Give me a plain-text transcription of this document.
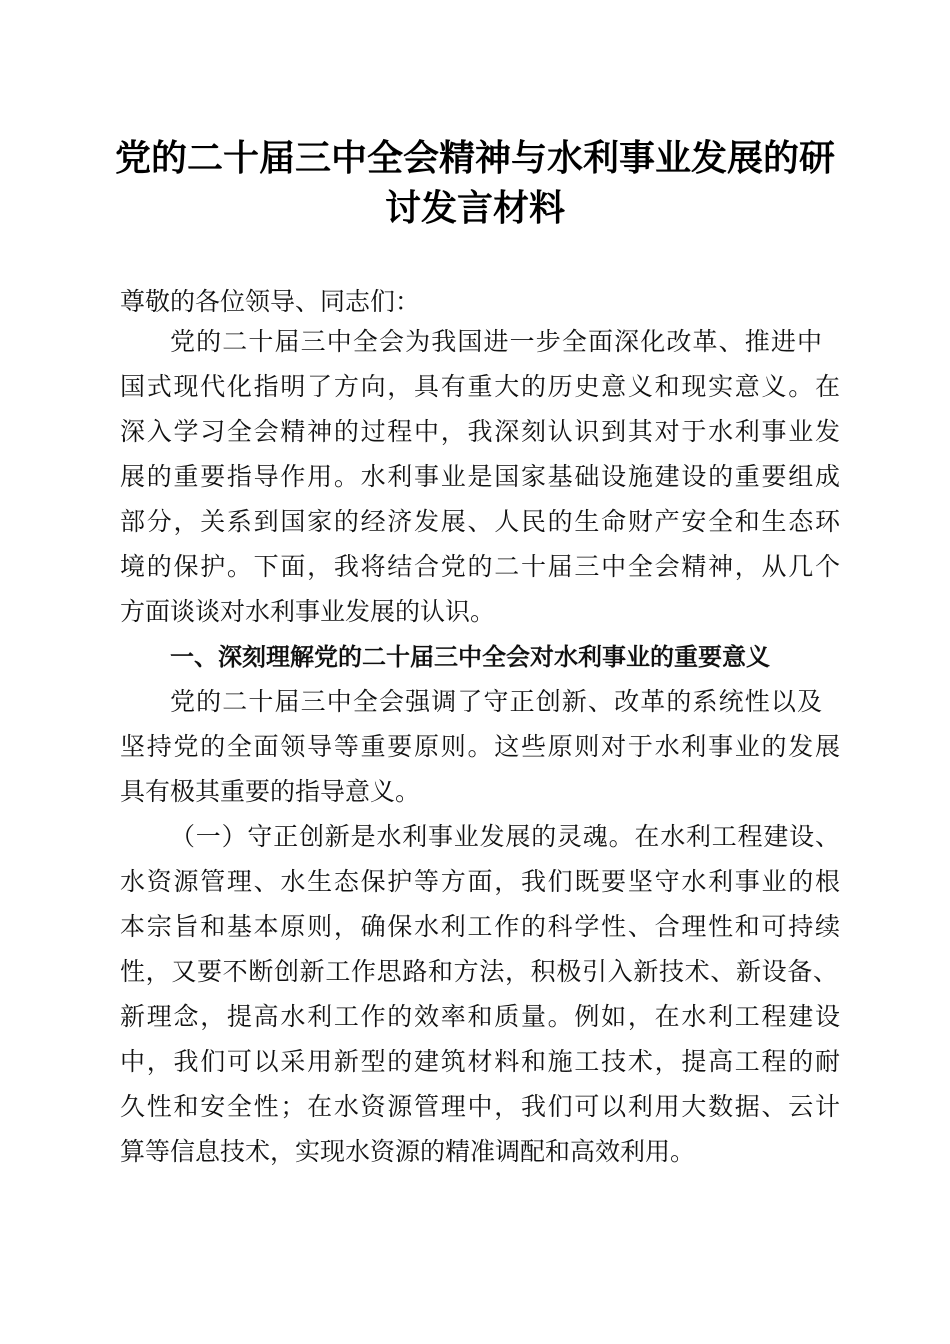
党的二十届三中全会精神与水利事业发展的研
讨发言材料
尊敬的各位领导、同志们：
党的二十届三中全会为我国进一步全面深化改革、推进中
国式现代化指明了方向，具有重大的历史意义和现实意义。在
深入学习全会精神的过程中，我深刻认识到其对于水利事业发
展的重要指导作用。水利事业是国家基础设施建设的重要组成
部分，关系到国家的经济发展、人民的生命财产安全和生态环
境的保护。下面，我将结合党的二十届三中全会精神，从几个
方面谈谈对水利事业发展的认识。
一、深刻理解党的二十届三中全会对水利事业的重要意义
党的二十届三中全会强调了守正创新、改革的系统性以及
坚持党的全面领导等重要原则。这些原则对于水利事业的发展
具有极其重要的指导意义。
（一）守正创新是水利事业发展的灵魂。在水利工程建设、
水资源管理、水生态保护等方面，我们既要坚守水利事业的根
本宗旨和基本原则，确保水利工作的科学性、合理性和可持续
性，又要不断创新工作思路和方法，积极引入新技术、新设备、
新理念，提高水利工作的效率和质量。例如，在水利工程建设
中，我们可以采用新型的建筑材料和施工技术，提高工程的耐
久性和安全性；在水资源管理中，我们可以利用大数据、云计
算等信息技术，实现水资源的精准调配和高效利用。
